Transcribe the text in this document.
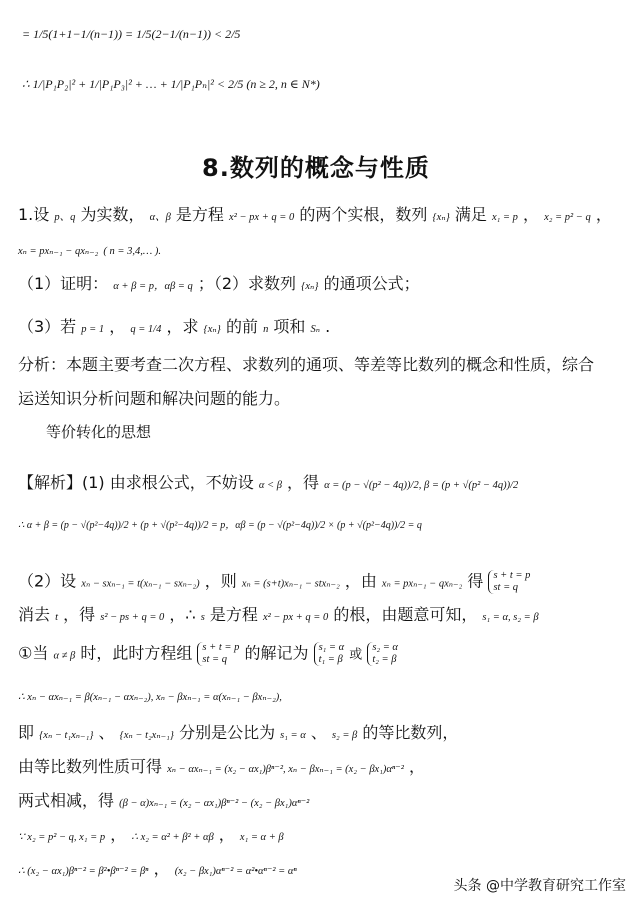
= 1/5(1+1−1/(n−1)) = 1/5(2−1/(n−1)) < 2/5
∴ 1/|P₁P₂|² + 1/|P₁P₃|² + … + 1/|P₁Pₙ|² < 2/5 (n ≥ 2, n ∈ N*)
8.数列的概念与性质
1.设 p、q 为实数， α、β 是方程 x² − px + q = 0 的两个实根，数列 {xₙ} 满足 x₁ = p ， x₂ = p² − q ，
xₙ = pxₙ₋₁ − qxₙ₋₂ ( n = 3,4,… ).
（1）证明： α + β = p，αβ = q ；（2）求数列 {xₙ} 的通项公式；
（3）若 p = 1 ， q = 1/4 ，求 {xₙ} 的前 n 项和 Sₙ .
分析：本题主要考查二次方程、求数列的通项、等差等比数列的概念和性质，综合
运送知识分析问题和解决问题的能力。
等价转化的思想
【解析】(1) 由求根公式，不妨设 α < β ，得 α = (p − √(p² − 4q))/2, β = (p + √(p² − 4q))/2
∴ α + β = (p − √(p²−4q))/2 + (p + √(p²−4q))/2 = p，αβ = (p − √(p²−4q))/2 × (p + √(p²−4q))/2 = q
（2）设 xₙ − sxₙ₋₁ = t(xₙ₋₁ − sxₙ₋₂) ，则 xₙ = (s+t)xₙ₋₁ − stxₙ₋₂ ，由 xₙ = pxₙ₋₁ − qxₙ₋₂ 得 s + t = p
st = q
消去 t ，得 s² − ps + q = 0 ，∴ s 是方程 x² − px + q = 0 的根，由题意可知， s₁ = α, s₂ = β
①当 α ≠ β 时，此时方程组 s + t = p
st = q 的解记为 s₁ = α
t₁ = β 或 s₂ = α
t₂ = β
∴ xₙ − αxₙ₋₁ = β(xₙ₋₁ − αxₙ₋₂), xₙ − βxₙ₋₁ = α(xₙ₋₁ − βxₙ₋₂),
即 {xₙ − t₁xₙ₋₁} 、 {xₙ − t₂xₙ₋₁} 分别是公比为 s₁ = α 、 s₂ = β 的等比数列，
由等比数列性质可得 xₙ − αxₙ₋₁ = (x₂ − αx₁)βⁿ⁻², xₙ − βxₙ₋₁ = (x₂ − βx₁)αⁿ⁻² ，
两式相减，得 (β − α)xₙ₋₁ = (x₂ − αx₁)βⁿ⁻² − (x₂ − βx₁)αⁿ⁻²
∵ x₂ = p² − q, x₁ = p ， ∴ x₂ = α² + β² + αβ ， x₁ = α + β
∴ (x₂ − αx₁)βⁿ⁻² = β²•βⁿ⁻² = βⁿ ， (x₂ − βx₁)αⁿ⁻² = α²•αⁿ⁻² = αⁿ
头条 @中学教育研究工作室
